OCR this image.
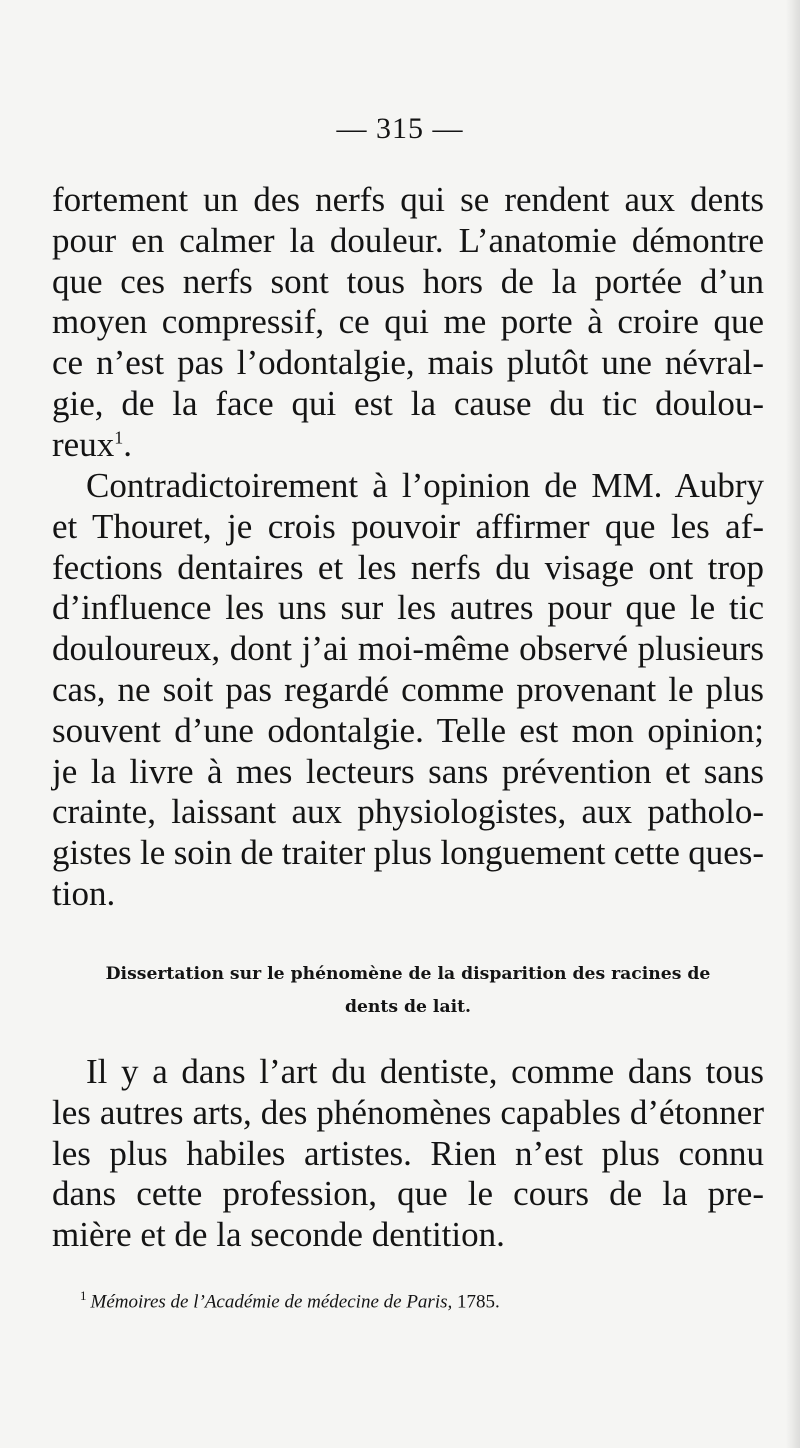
— 315 —
fortement un des nerfs qui se rendent aux dents
pour en calmer la douleur. L’anatomie démontre
que ces nerfs sont tous hors de la portée d’un
moyen compressif, ce qui me porte à croire que
ce n’est pas l’odontalgie, mais plutôt une névral-
gie, de la face qui est la cause du tic doulou-
reux$^1$.
Contradictoirement à l’opinion de MM. Aubry
et Thouret, je crois pouvoir affirmer que les af-
fections dentaires et les nerfs du visage ont trop
d’influence les uns sur les autres pour que le tic
douloureux, dont j’ai moi-même observé plusieurs
cas, ne soit pas regardé comme provenant le plus
souvent d’une odontalgie. Telle est mon opinion;
je la livre à mes lecteurs sans prévention et sans
crainte, laissant aux physiologistes, aux patholo-
gistes le soin de traiter plus longuement cette ques-
tion.
Dissertation sur le phénomène de la disparition des racines de
dents de lait.
Il y a dans l’art du dentiste, comme dans tous
les autres arts, des phénomènes capables d’étonner
les plus habiles artistes. Rien n’est plus connu
dans cette profession, que le cours de la pre-
mière et de la seconde dentition.
$^1$ Mémoires de l’Académie de médecine de Paris, 1785.
